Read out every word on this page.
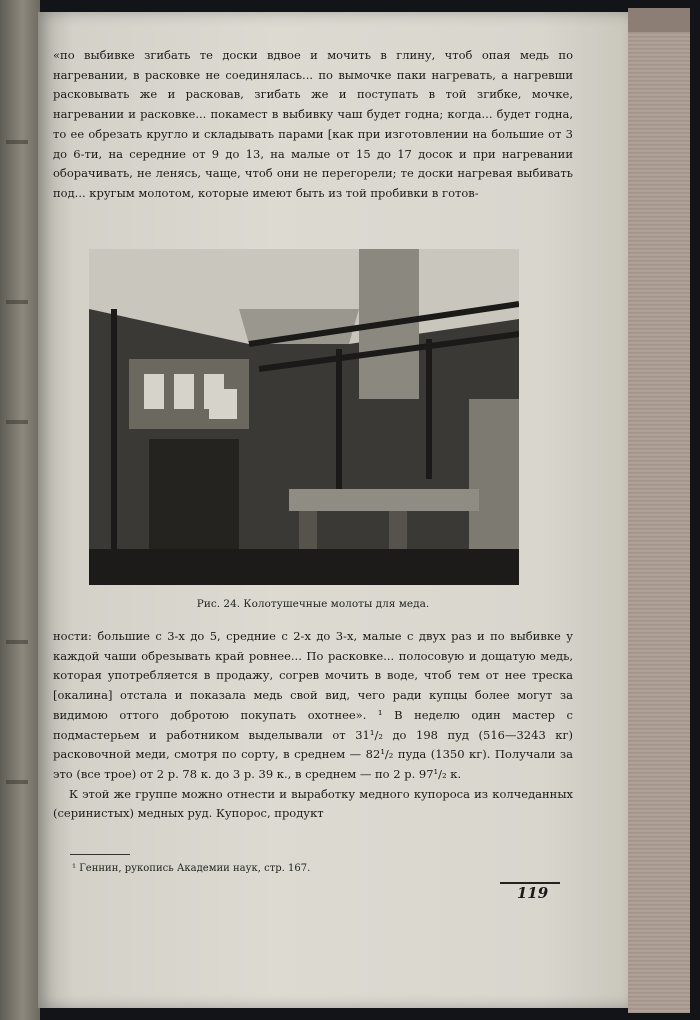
«по выбивке згибать те доски вдвое и мочить в глину, чтоб опая медь по нагревании, в расковке не соединялась... по вымочке паки нагревать, а нагревши расковывать же и расковав, згибать же и поступать в той згибке, мочке, нагревании и расковке... покамест в выбивку чаш будет годна; когда... будет годна, то ее обрезать кругло и складывать парами [как при изготовлении на большие от 3 до 6-ти, на середние от 9 до 13, на малые от 15 до 17 досок и при нагревании оборачивать, не ленясь, чаще, чтоб они не перегорели; те доски нагревая выбивать под... кругым молотом, которые имеют быть из той пробивки в готов-

Рис. 24. Колотушечные молоты для меда.

ности: большие с 3-х до 5, средние с 2-х до 3-х, малые с двух раз и по выбивке у каждой чаши обрезывать край ровнее... По расковке... полосовую и дощатую медь, которая употребляется в продажу, согрев мочить в воде, чтоб тем от нее треска [окалина] отстала и показала медь свой вид, чего ради купцы более могут за видимою оттого добротою покупать охотнее». ¹ В неделю один мастер с подмастерьем и работником выделывали от 31¹/₂ до 198 пуд (516—3243 кг) расковочной меди, смотря по сорту, в среднем — 82¹/₂ пуда (1350 кг). Получали за это (все трое) от 2 р. 78 к. до 3 р. 39 к., в среднем — по 2 р. 97¹/₂ к.

К этой же группе можно отнести и выработку медного купороса из колчеданных (серинистых) медных руд. Купорос, продукт

¹ Геннин, рукопись Академии наук, стр. 167.
119
